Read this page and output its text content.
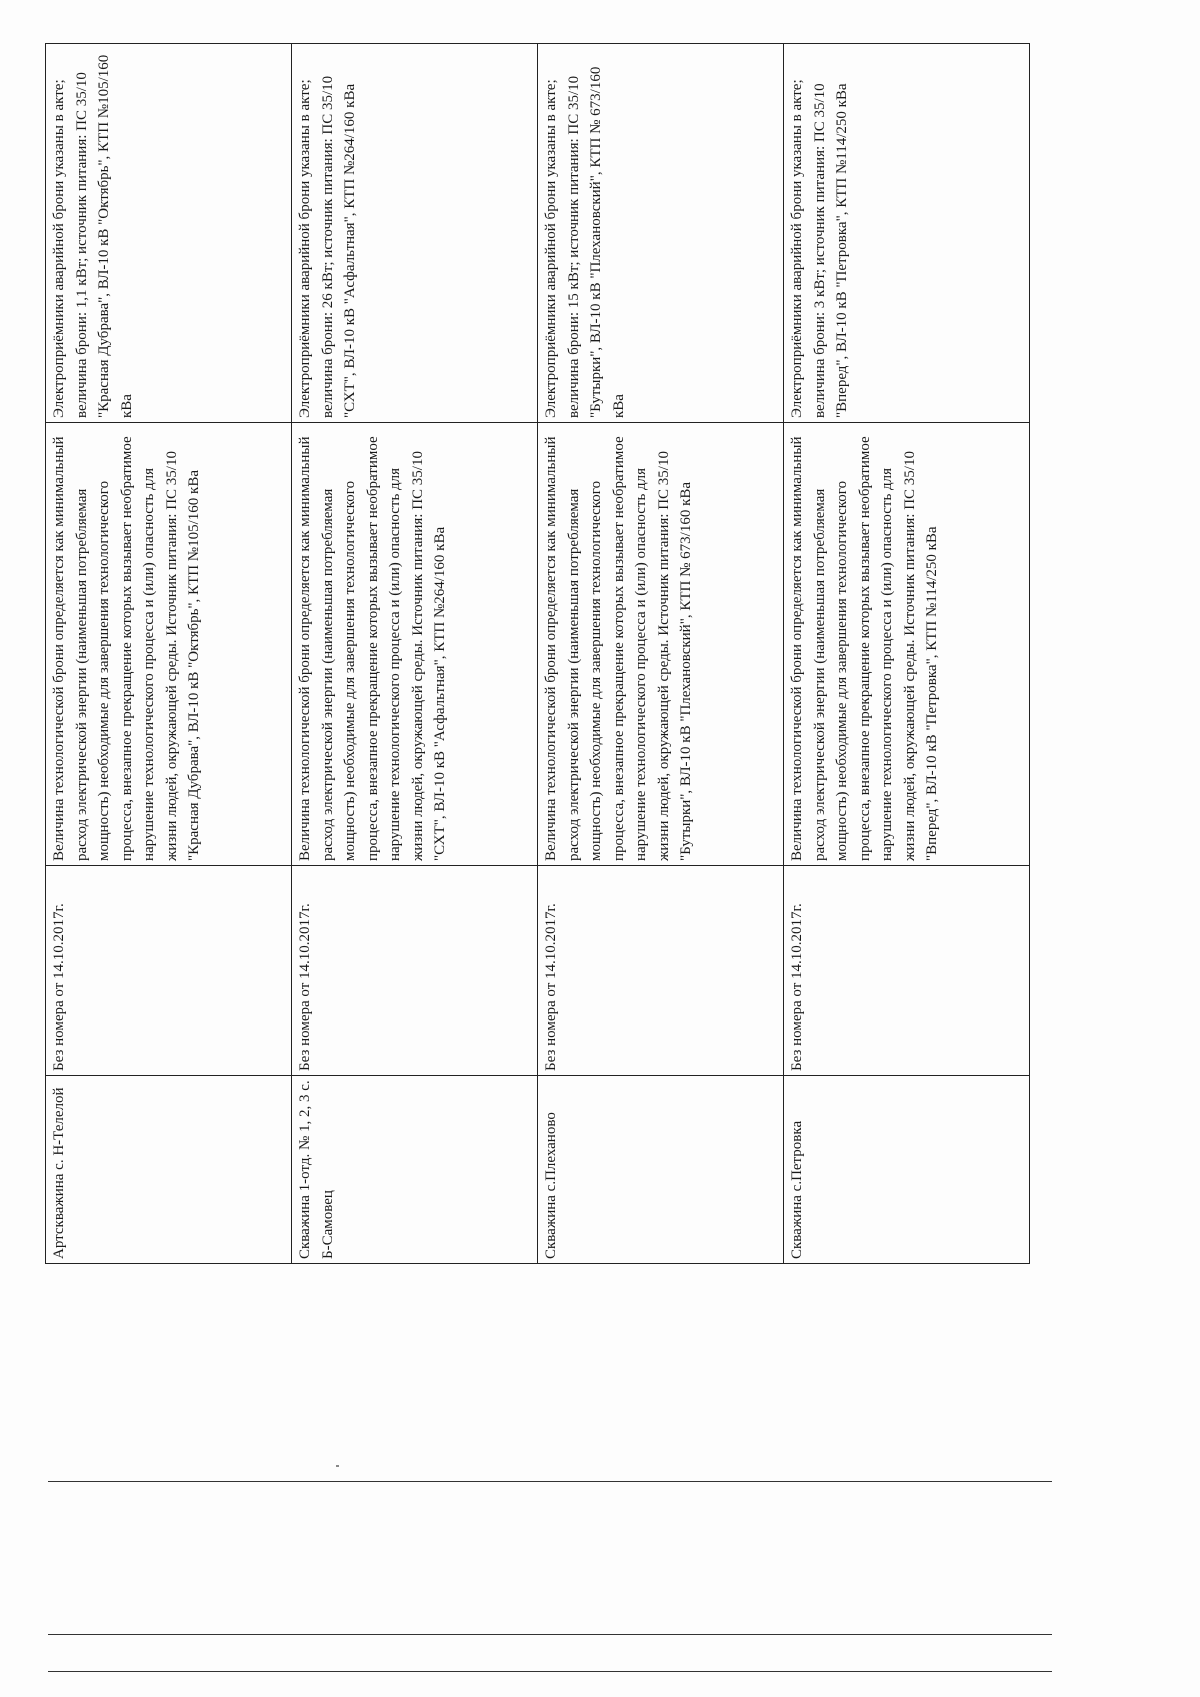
Артскважина с. Н-Телелой	Без номера от 14.10.2017г.	Величина технологической брони определяется как минимальный расход электрической энергии (наименьшая потребляемая мощность) необходимые для завершения технологического процесса, внезапное прекращение которых вызывает необратимое нарушение технологического процесса и (или) опасность для жизни людей, окружающей среды. Источник питания: ПС 35/10 "Красная Дубрава", ВЛ-10 кВ "Октябрь", КТП №105/160 кВа	Электроприёмники аварийной брони указаны в акте; величина брони: 1,1 кВт; источник питания: ПС 35/10 "Красная Дубрава", ВЛ-10 кВ "Октябрь", КТП №105/160 кВа
Скважина 1-отд. № 1, 2, 3 с. Б-Самовец	Без номера от 14.10.2017г.	Величина технологической брони определяется как минимальный расход электрической энергии (наименьшая потребляемая мощность) необходимые для завершения технологического процесса, внезапное прекращение которых вызывает необратимое нарушение технологического процесса и (или) опасность для жизни людей, окружающей среды. Источник питания: ПС 35/10 "СХТ", ВЛ-10 кВ "Асфальтная", КТП №264/160 кВа	Электроприёмники аварийной брони указаны в акте; величина брони: 26 кВт; источник питания: ПС 35/10 "СХТ", ВЛ-10 кВ "Асфальтная", КТП №264/160 кВа
Скважина с.Плеханово	Без номера от 14.10.2017г.	Величина технологической брони определяется как минимальный расход электрической энергии (наименьшая потребляемая мощность) необходимые для завершения технологического процесса, внезапное прекращение которых вызывает необратимое нарушение технологического процесса и (или) опасность для жизни людей, окружающей среды. Источник питания: ПС 35/10 "Бутырки", ВЛ-10 кВ "Плехановский", КТП № 673/160 кВа	Электроприёмники аварийной брони указаны в акте; величина брони: 15 кВт; источник питания: ПС 35/10 "Бутырки", ВЛ-10 кВ "Плехановский", КТП № 673/160 кВа
Скважина с.Петровка	Без номера от 14.10.2017г.	Величина технологической брони определяется как минимальный расход электрической энергии (наименьшая потребляемая мощность) необходимые для завершения технологического процесса, внезапное прекращение которых вызывает необратимое нарушение технологического процесса и (или) опасность для жизни людей, окружающей среды. Источник питания: ПС 35/10 "Вперед", ВЛ-10 кВ "Петровка", КТП №114/250 кВа	Электроприёмники аварийной брони указаны в акте; величина брони: 3 кВт; источник питания: ПС 35/10 "Вперед", ВЛ-10 кВ "Петровка", КТП №114/250 кВа
